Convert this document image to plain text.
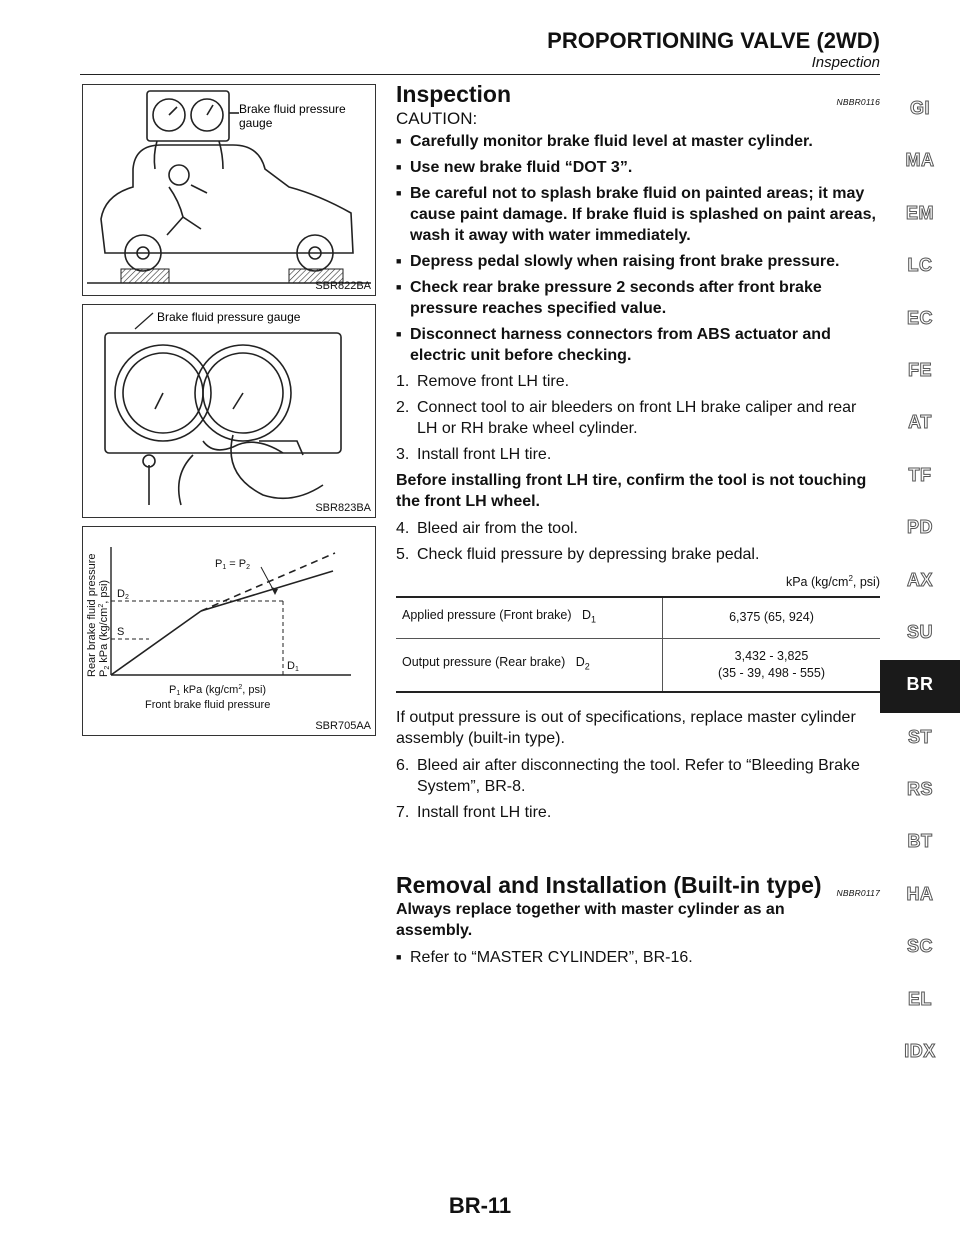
PROPORTIONING VALVE (2WD)
Inspection
Brake fluid pressure
gauge
SBR822BA
Brake fluid pressure gauge
SBR823BA
P1 = P2
D2
S
D1
P1 kPa ($kg/cm^2$, psi)
Front brake fluid pressure
Rear brake fluid pressure P2 kPa ($kg/cm^2$, psi)
SBR705AA
Inspection	NBBR0116
CAUTION:
■ Carefully monitor brake fluid level at master cylinder.
■ Use new brake fluid “DOT 3”.
■ Be careful not to splash brake fluid on painted areas; it may cause paint damage. If brake fluid is splashed on paint areas, wash it away with water immediately.
■ Depress pedal slowly when raising front brake pressure.
■ Check rear brake pressure 2 seconds after front brake pressure reaches specified value.
■ Disconnect harness connectors from ABS actuator and electric unit before checking.
1. Remove front LH tire.
2. Connect tool to air bleeders on front LH brake caliper and rear LH or RH brake wheel cylinder.
3. Install front LH tire.
Before installing front LH tire, confirm the tool is not touching the front LH wheel.
4. Bleed air from the tool.
5. Check fluid pressure by depressing brake pedal.
kPa ($kg/cm^2$, psi)
Applied pressure (Front brake) $D_1$	6,375 (65, 924)
Output pressure (Rear brake) $D_2$	3,432 - 3,825
(35 - 39, 498 - 555)
If output pressure is out of specifications, replace master cylinder assembly (built-in type).
6. Bleed air after disconnecting the tool. Refer to “Bleeding Brake System”, BR-8.
7. Install front LH tire.
Removal and Installation (Built-in type) NBBR0117
Always replace together with master cylinder as an assembly.
■ Refer to “MASTER CYLINDER”, BR-16.
GI
MA
EM
LC
EC
FE
AT
TF
PD
AX
SU
BR
ST
RS
BT
HA
SC
EL
IDX
BR-11
